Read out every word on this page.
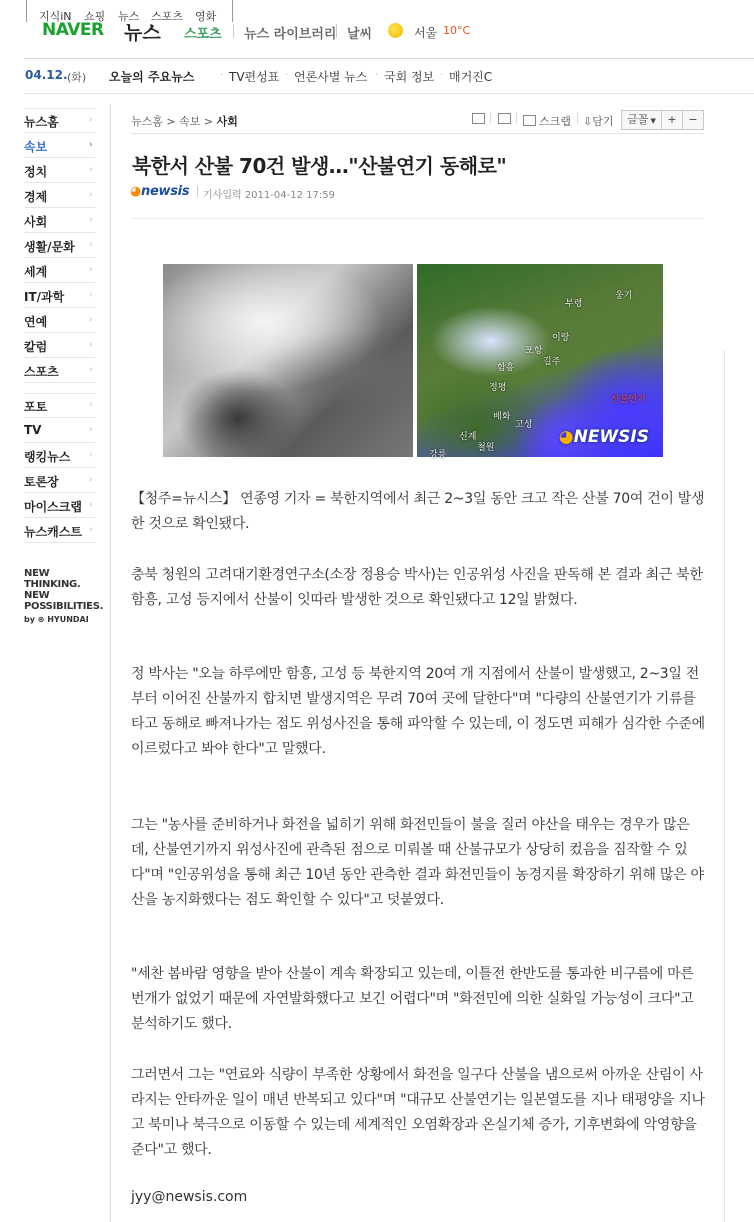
지식iN 쇼핑 뉴스 스포츠 영화
NAVER 뉴스 스포츠 뉴스 라이브러리 날씨	서울 10°C
04.12. (화) 오늘의 주요뉴스	· TV편성표 · 언론사별 뉴스 · 국회 정보 · 매거진C
뉴스홈	›
속보	›
정치	›
경제	›
사회	›
생활/문화 ›
세계	›
IT/과학	›
연예	›
칼럼	›
스포츠	›
포토	›
TV	›
랭킹뉴스 ›
토론장	›
마이스크랩 ›
뉴스캐스트 ›
NEW
THINKING.
NEW
POSSIBILITIES.
by ⊛ HYUNDAI
뉴스홈 > 속보 > 사회	스크랩 ⇩담기	글꼴 ▼	+	−
북한서 산불 70건 발생…"산불연기 동해로"
◕newsis 기사입력 2011-04-12 17:59
웅기
부령
이랑
포항
길주
함흥
정평
배화
고성
신계
철원
강릉
산불연기
◕NEWSIS

【청주=뉴시스】 연종영 기자 = 북한지역에서 최근 2~3일 동안 크고 작은 산불 70여 건이 발생한 것으로 확인됐다.

충북 청원의 고려대기환경연구소(소장 정용승 박사)는 인공위성 사진을 판독해 본 결과 최근 북한 함흥, 고성 등지에서 산불이 잇따라 발생한 것으로 확인됐다고 12일 밝혔다.

정 박사는 "오늘 하루에만 함흥, 고성 등 북한지역 20여 개 지점에서 산불이 발생했고, 2~3일 전부터 이어진 산불까지 합치면 발생지역은 무려 70여 곳에 달한다"며 "다량의 산불연기가 기류를 타고 동해로 빠져나가는 점도 위성사진을 통해 파악할 수 있는데, 이 정도면 피해가 심각한 수준에 이르렀다고 봐야 한다"고 말했다.

그는 "농사를 준비하거나 화전을 넓히기 위해 화전민들이 불을 질러 야산을 태우는 경우가 많은데, 산불연기까지 위성사진에 관측된 점으로 미뤄볼 때 산불규모가 상당히 컸음을 짐작할 수 있다"며 "인공위성을 통해 최근 10년 동안 관측한 결과 화전민들이 농경지를 확장하기 위해 많은 야산을 농지화했다는 점도 확인할 수 있다"고 덧붙였다.

"세찬 봄바람 영향을 받아 산불이 계속 확장되고 있는데, 이틀전 한반도를 통과한 비구름에 마른 번개가 없었기 때문에 자연발화했다고 보긴 어렵다"며 "화전민에 의한 실화일 가능성이 크다"고 분석하기도 했다.

그러면서 그는 "연료와 식량이 부족한 상황에서 화전을 일구다 산불을 냄으로써 아까운 산림이 사라지는 안타까운 일이 매년 반복되고 있다"며 "대규모 산불연기는 일본열도를 지나 태평양을 지나고 북미나 북극으로 이동할 수 있는데 세계적인 오염확장과 온실기체 증가, 기후변화에 악영향을 준다"고 했다.

jyy@newsis.com
